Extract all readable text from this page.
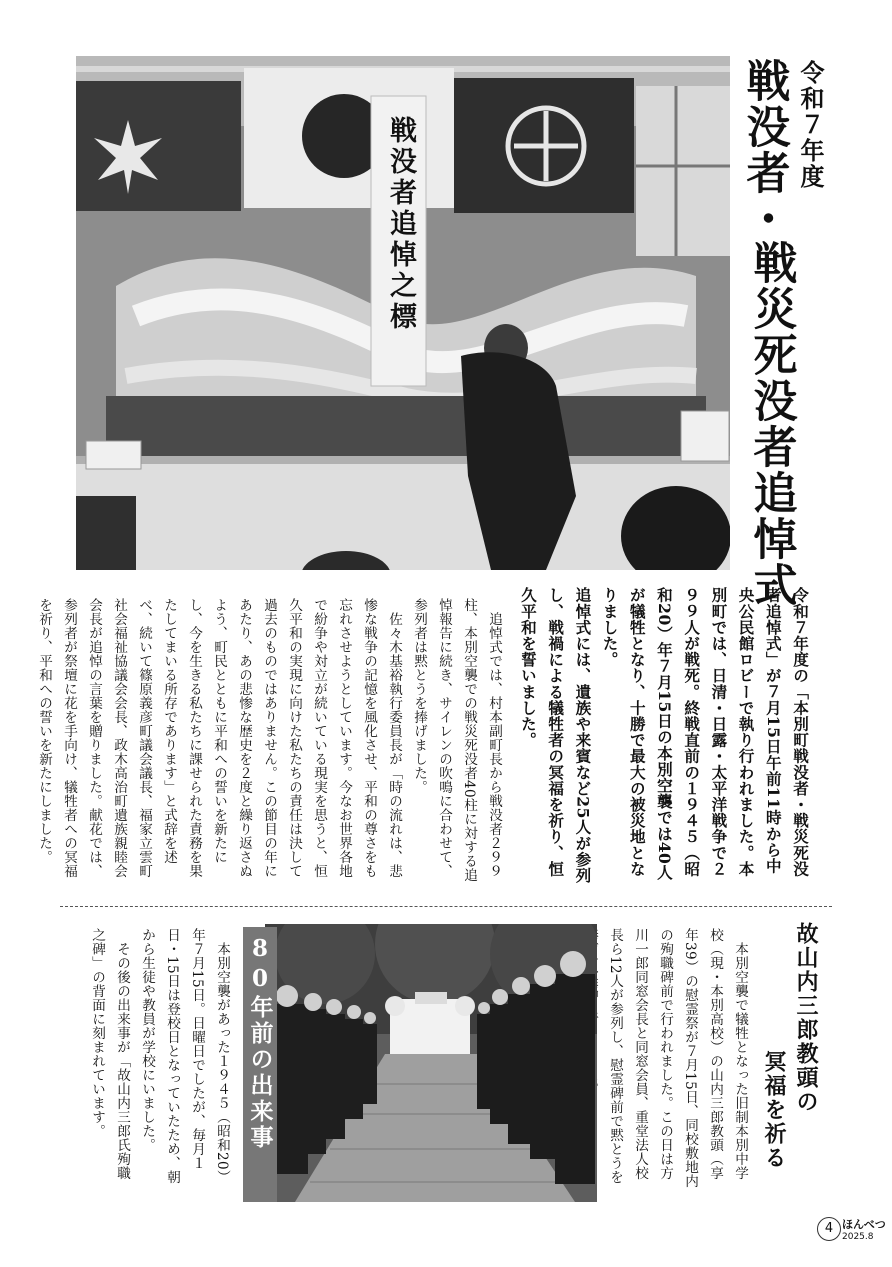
戦没者追悼之標	令和７年度
戦没者・
戦災死没者追悼式

令和７年度の「本別町戦没者・戦災死没者追悼式」が７月15日午前11時から中央公民館ロビーで執り行われました。本別町では、日清・日露・太平洋戦争で２９９人が戦死。終戦直前の１９４５（昭和20）年７月15日の本別空襲では40人が犠牲となり、十勝で最大の被災地となりました。

追悼式には、遺族や来賓など25人が参列し、戦禍による犠牲者の冥福を祈り、恒久平和を誓いました。

追悼式では、村本副町長から戦没者２９９柱、本別空襲での戦災死没者40柱に対する追悼報告に続き、サイレンの吹鳴に合わせて、参列者は黙とうを捧げました。

佐々木基裕執行委員長が「時の流れは、悲惨な戦争の記憶を風化させ、平和の尊さをも忘れさせようとしています。今なお世界各地で紛争や対立が続いている現実を思うと、恒久平和の実現に向けた私たちの責任は決して過去のものではありません。この節目の年にあたり、あの悲惨な歴史を２度と繰り返さぬよう、町民とともに平和への誓いを新たにし、今を生きる私たちに課せられた責務を果たしてまいる所存であります」と式辞を述べ、続いて篠原義彦町議会議長、福家立雲町社会福祉協議会会長、政木高治町遺族親睦会会長が追悼の言葉を贈りました。献花では、参列者が祭壇に花を手向け、犠牲者への冥福を祈り、平和への誓いを新たにしました。

故山内三郎教頭の
冥福を祈る

本別空襲で犠牲となった旧制本別中学校（現・本別高校）の山内三郎教頭（享年39）の慰霊祭が７月15日、同校敷地内の殉職碑前で行われました。この日は方川一郎同窓会長と同窓会員、重堂法人校長ら12人が参列し、慰霊碑前で黙とうを

80年前の出来事

本別空襲があった１９４５（昭和20）年７月15日。日曜日でしたが、毎月１日・15日は登校日となっていたため、朝から生徒や教員が学校にいました。

その後の出来事が「故山内三郎氏殉職之碑」の背面に刻まれています。

4 ほんべつ
2025.8
